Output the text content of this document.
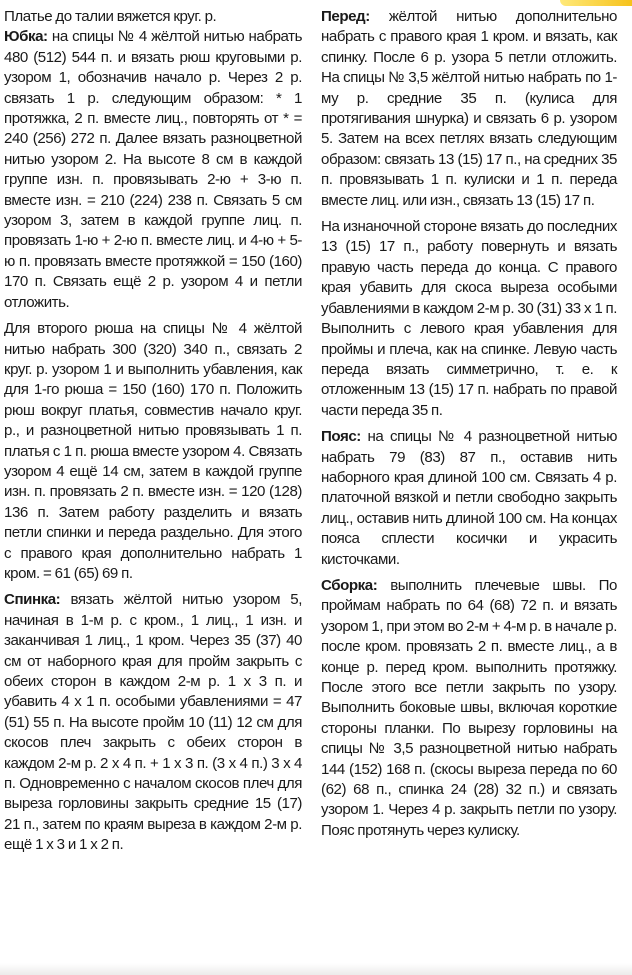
Платье до талии вяжется круг. р.

Юбка: на спицы № 4 жёлтой нитью набрать 480 (512) 544 п. и вязать рюш круговыми р. узором 1, обозначив начало р. Через 2 р. связать 1 р. следующим образом: * 1 протяжка, 2 п. вместе лиц., повторять от * = 240 (256) 272 п. Далее вязать разноцветной нитью узором 2. На высоте 8 см в каждой группе изн. п. провязывать 2-ю + 3-ю п. вместе изн. = 210 (224) 238 п. Связать 5 см узором 3, затем в каждой группе лиц. п. провязать 1-ю + 2-ю п. вместе лиц. и 4-ю + 5-ю п. провязать вместе протяжкой = 150 (160) 170 п. Связать ещё 2 р. узором 4 и петли отложить.

Для второго рюша на спицы № 4 жёлтой нитью набрать 300 (320) 340 п., связать 2 круг. р. узором 1 и выполнить убавления, как для 1-го рюша = 150 (160) 170 п. Положить рюш вокруг платья, совместив начало круг. р., и разноцветной нитью провязывать 1 п. платья с 1 п. рюша вместе узором 4. Связать узором 4 ещё 14 см, затем в каждой группе изн. п. провязать 2 п. вместе изн. = 120 (128) 136 п. Затем работу разделить и вязать петли спинки и переда раздельно. Для этого с правого края дополнительно набрать 1 кром. = 61 (65) 69 п.

Спинка: вязать жёлтой нитью узором 5, начиная в 1-м р. с кром., 1 лиц., 1 изн. и заканчивая 1 лиц., 1 кром. Через 35 (37) 40 см от наборного края для пройм закрыть с обеих сторон в каждом 2-м р. 1 х 3 п. и убавить 4 х 1 п. особыми убавлениями = 47 (51) 55 п. На высоте пройм 10 (11) 12 см для скосов плеч закрыть с обеих сторон в каждом 2-м р. 2 х 4 п. + 1 х 3 п. (3 х 4 п.) 3 х 4 п. Одновременно с началом скосов плеч для выреза горловины закрыть средние 15 (17) 21 п., затем по краям выреза в каждом 2-м р. ещё 1 х 3 и 1 х 2 п.

Перед: жёлтой нитью дополнительно набрать с правого края 1 кром. и вязать, как спинку. После 6 р. узора 5 петли отложить. На спицы № 3,5 жёлтой нитью набрать по 1-му р. средние 35 п. (кулиса для протягивания шнурка) и связать 6 р. узором 5. Затем на всех петлях вязать следующим образом: связать 13 (15) 17 п., на средних 35 п. провязывать 1 п. кулиски и 1 п. переда вместе лиц. или изн., связать 13 (15) 17 п.

На изнаночной стороне вязать до последних 13 (15) 17 п., работу повернуть и вязать правую часть переда до конца. С правого края убавить для скоса выреза особыми убавлениями в каждом 2-м р. 30 (31) 33 х 1 п. Выполнить с левого края убавления для проймы и плеча, как на спинке. Левую часть переда вязать симметрично, т. е. к отложенным 13 (15) 17 п. набрать по правой части переда 35 п.

Пояс: на спицы № 4 разноцветной нитью набрать 79 (83) 87 п., оставив нить наборного края длиной 100 см. Связать 4 р. платочной вязкой и петли свободно закрыть лиц., оставив нить длиной 100 см. На концах пояса сплести косички и украсить кисточками.

Сборка: выполнить плечевые швы. По проймам набрать по 64 (68) 72 п. и вязать узором 1, при этом во 2-м + 4-м р. в начале р. после кром. провязать 2 п. вместе лиц., а в конце р. перед кром. выполнить протяжку. После этого все петли закрыть по узору. Выполнить боковые швы, включая короткие стороны планки. По вырезу горловины на спицы № 3,5 разноцветной нитью набрать 144 (152) 168 п. (скосы выреза переда по 60 (62) 68 п., спинка 24 (28) 32 п.) и связать узором 1. Через 4 р. закрыть петли по узору. Пояс протянуть через кулиску.
